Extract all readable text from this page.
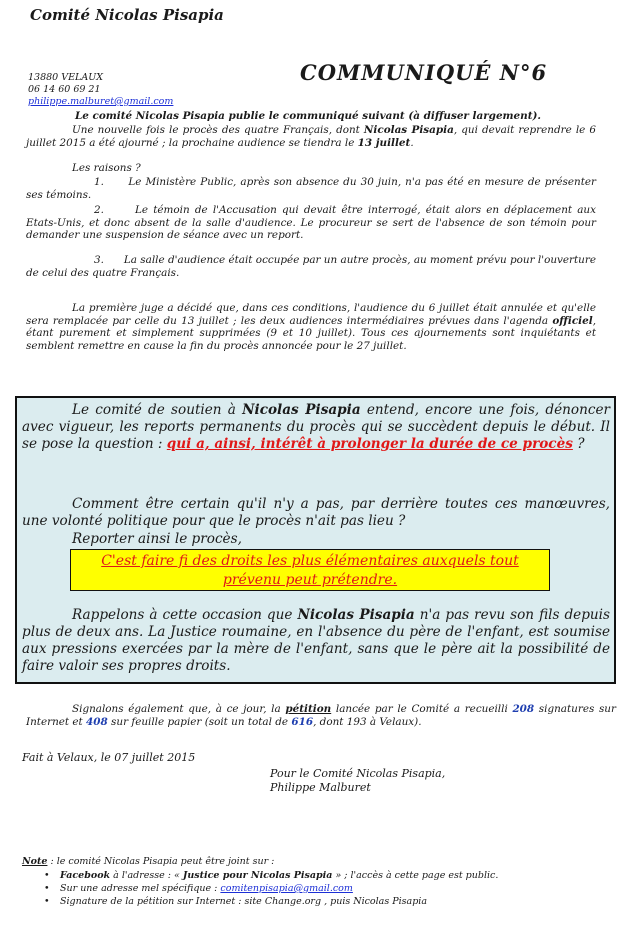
Comité Nicolas Pisapia
13880 VELAUX
06 14 60 69 21
philippe.malburet@gmail.com
COMMUNIQUÉ N°6
Le comité Nicolas Pisapia publie le communiqué suivant (à diffuser largement).
Une nouvelle fois le procès des quatre Français, dont Nicolas Pisapia, qui devait reprendre le 6 juillet 2015 a été ajourné ; la prochaine audience se tiendra le 13 juillet.
Les raisons ?
1. Le Ministère Public, après son absence du 30 juin, n'a pas été en mesure de présenter ses témoins.
2.	Le témoin de l'Accusation qui devait être interrogé, était alors en déplacement aux Etats-Unis, et donc absent de la salle d'audience. Le procureur se sert de l'absence de son témoin pour demander une suspension de séance avec un report.
3. La salle d'audience était occupée par un autre procès, au moment prévu pour l'ouverture de celui des quatre Français.
La première juge a décidé que, dans ces conditions, l'audience du 6 juillet était annulée et qu'elle sera remplacée par celle du 13 juillet ; les deux audiences intermédiaires prévues dans l'agenda officiel, étant purement et simplement supprimées (9 et 10 juillet). Tous ces ajournements sont inquiétants et semblent remettre en cause la fin du procès annoncée pour le 27 juillet.
Le comité de soutien à Nicolas Pisapia entend, encore une fois, dénoncer avec vigueur, les reports permanents du procès qui se succèdent depuis le début. Il se pose la question : qui a, ainsi, intérêt à prolonger la durée de ce procès ?
Comment être certain qu'il n'y a pas, par derrière toutes ces manœuvres, une volonté politique pour que le procès n'ait pas lieu ?
Reporter ainsi le procès,
C'est faire fi des droits les plus élémentaires auxquels tout prévenu peut prétendre.
Rappelons à cette occasion que Nicolas Pisapia n'a pas revu son fils depuis plus de deux ans. La Justice roumaine, en l'absence du père de l'enfant, est soumise aux pressions exercées par la mère de l'enfant, sans que le père ait la possibilité de faire valoir ses propres droits.
Signalons également que, à ce jour, la pétition lancée par le Comité a recueilli 208 signatures sur Internet et 408 sur feuille papier (soit un total de 616, dont 193 à Velaux).
Fait à Velaux, le 07 juillet 2015
Pour le Comité Nicolas Pisapia,
Philippe Malburet
Note : le comité Nicolas Pisapia peut être joint sur :
• Facebook à l'adresse : « Justice pour Nicolas Pisapia » ; l'accès à cette page est public.
• Sur une adresse mel spécifique : comitenpisapia@gmail.com
• Signature de la pétition sur Internet : site Change.org , puis Nicolas Pisapia
